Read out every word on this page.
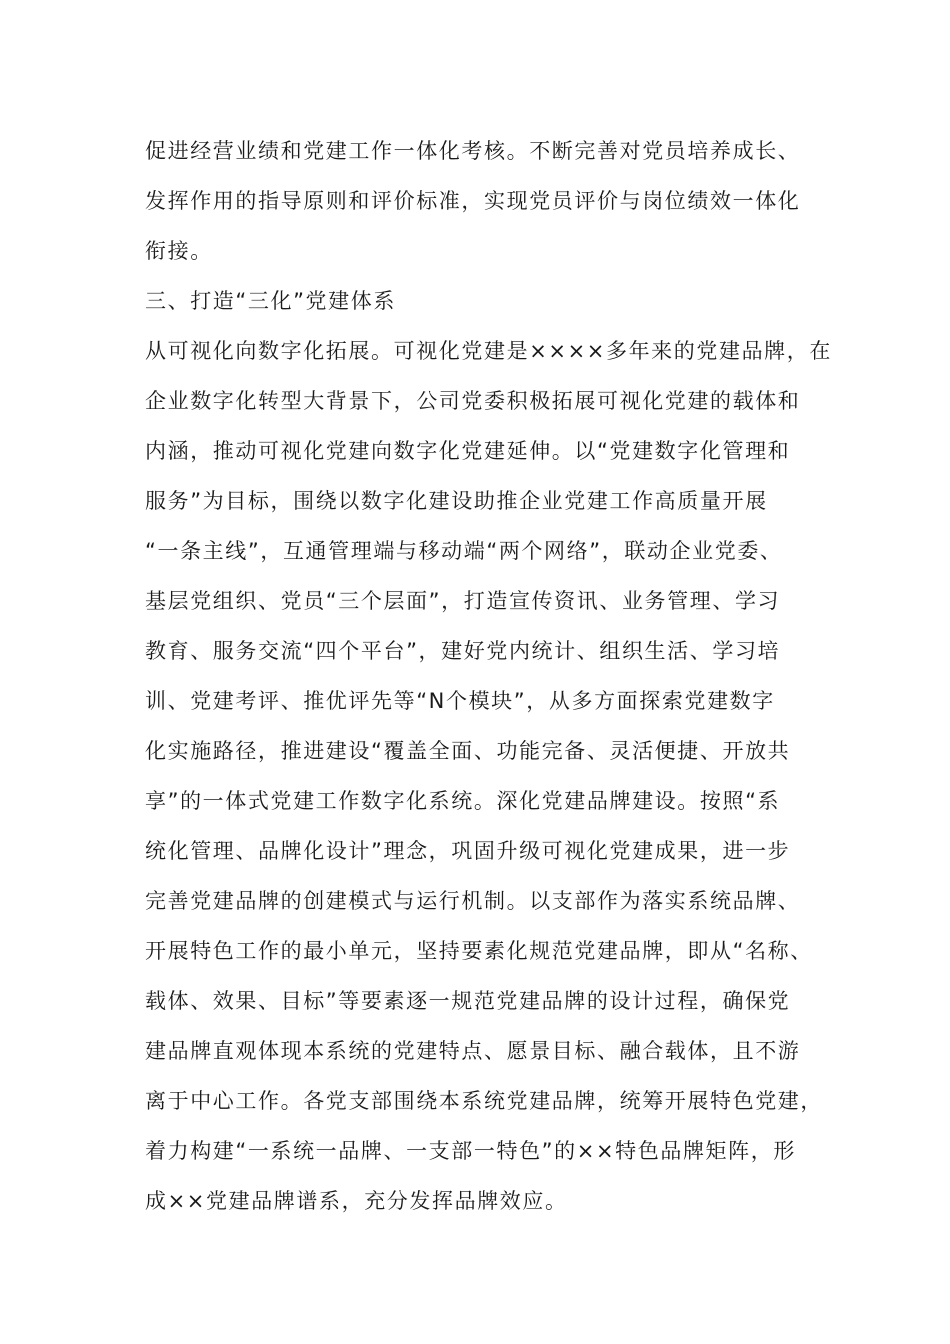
促进经营业绩和党建工作一体化考核。不断完善对党员培养成长、
发挥作用的指导原则和评价标准，实现党员评价与岗位绩效一体化
衔接。
三、打造“三化”党建体系
从可视化向数字化拓展。可视化党建是××××多年来的党建品牌，在
企业数字化转型大背景下，公司党委积极拓展可视化党建的载体和
内涵，推动可视化党建向数字化党建延伸。以“党建数字化管理和
服务”为目标，围绕以数字化建设助推企业党建工作高质量开展
“一条主线”，互通管理端与移动端“两个网络”，联动企业党委、
基层党组织、党员“三个层面”，打造宣传资讯、业务管理、学习
教育、服务交流“四个平台”，建好党内统计、组织生活、学习培
训、党建考评、推优评先等“N个模块”，从多方面探索党建数字
化实施路径，推进建设“覆盖全面、功能完备、灵活便捷、开放共
享”的一体式党建工作数字化系统。深化党建品牌建设。按照“系
统化管理、品牌化设计”理念，巩固升级可视化党建成果，进一步
完善党建品牌的创建模式与运行机制。以支部作为落实系统品牌、
开展特色工作的最小单元，坚持要素化规范党建品牌，即从“名称、
载体、效果、目标”等要素逐一规范党建品牌的设计过程，确保党
建品牌直观体现本系统的党建特点、愿景目标、融合载体，且不游
离于中心工作。各党支部围绕本系统党建品牌，统筹开展特色党建，
着力构建“一系统一品牌、一支部一特色”的××特色品牌矩阵，形
成××党建品牌谱系，充分发挥品牌效应。
